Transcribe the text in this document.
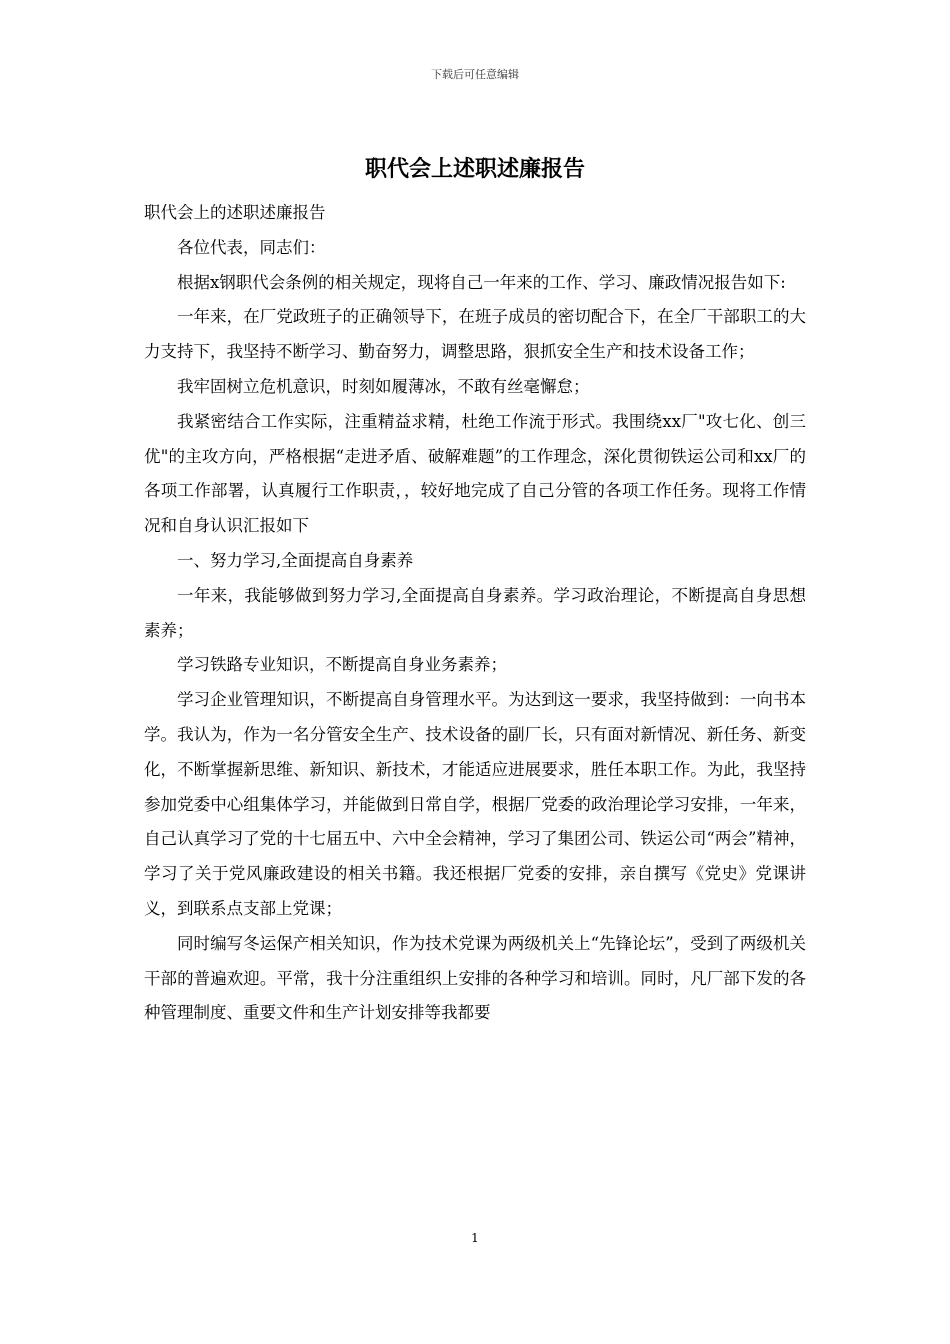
下载后可任意编辑
职代会上述职述廉报告

职代会上的述职述廉报告

各位代表，同志们：

根据x钢职代会条例的相关规定，现将自己一年来的工作、学习、廉政情况报告如下:

一年来，在厂党政班子的正确领导下，在班子成员的密切配合下，在全厂干部职工的大力支持下，我坚持不断学习、勤奋努力，调整思路，狠抓安全生产和技术设备工作；

我牢固树立危机意识，时刻如履薄冰，不敢有丝毫懈怠；

我紧密结合工作实际，注重精益求精，杜绝工作流于形式。我围绕xx厂"攻七化、创三优"的主攻方向，严格根据“走进矛盾、破解难题”的工作理念，深化贯彻铁运公司和xx厂的各项工作部署，认真履行工作职责，，较好地完成了自己分管的各项工作任务。现将工作情况和自身认识汇报如下

一、努力学习,全面提高自身素养

一年来，我能够做到努力学习,全面提高自身素养。学习政治理论，不断提高自身思想素养；

学习铁路专业知识，不断提高自身业务素养；

学习企业管理知识，不断提高自身管理水平。为达到这一要求，我坚持做到：一向书本学。我认为，作为一名分管安全生产、技术设备的副厂长，只有面对新情况、新任务、新变化，不断掌握新思维、新知识、新技术，才能适应进展要求，胜任本职工作。为此，我坚持参加党委中心组集体学习，并能做到日常自学，根据厂党委的政治理论学习安排，一年来，自己认真学习了党的十七届五中、六中全会精神，学习了集团公司、铁运公司“两会”精神，学习了关于党风廉政建设的相关书籍。我还根据厂党委的安排，亲自撰写《党史》党课讲义，到联系点支部上党课；

同时编写冬运保产相关知识，作为技术党课为两级机关上“先锋论坛”，受到了两级机关干部的普遍欢迎。平常，我十分注重组织上安排的各种学习和培训。同时，凡厂部下发的各种管理制度、重要文件和生产计划安排等我都要

1
